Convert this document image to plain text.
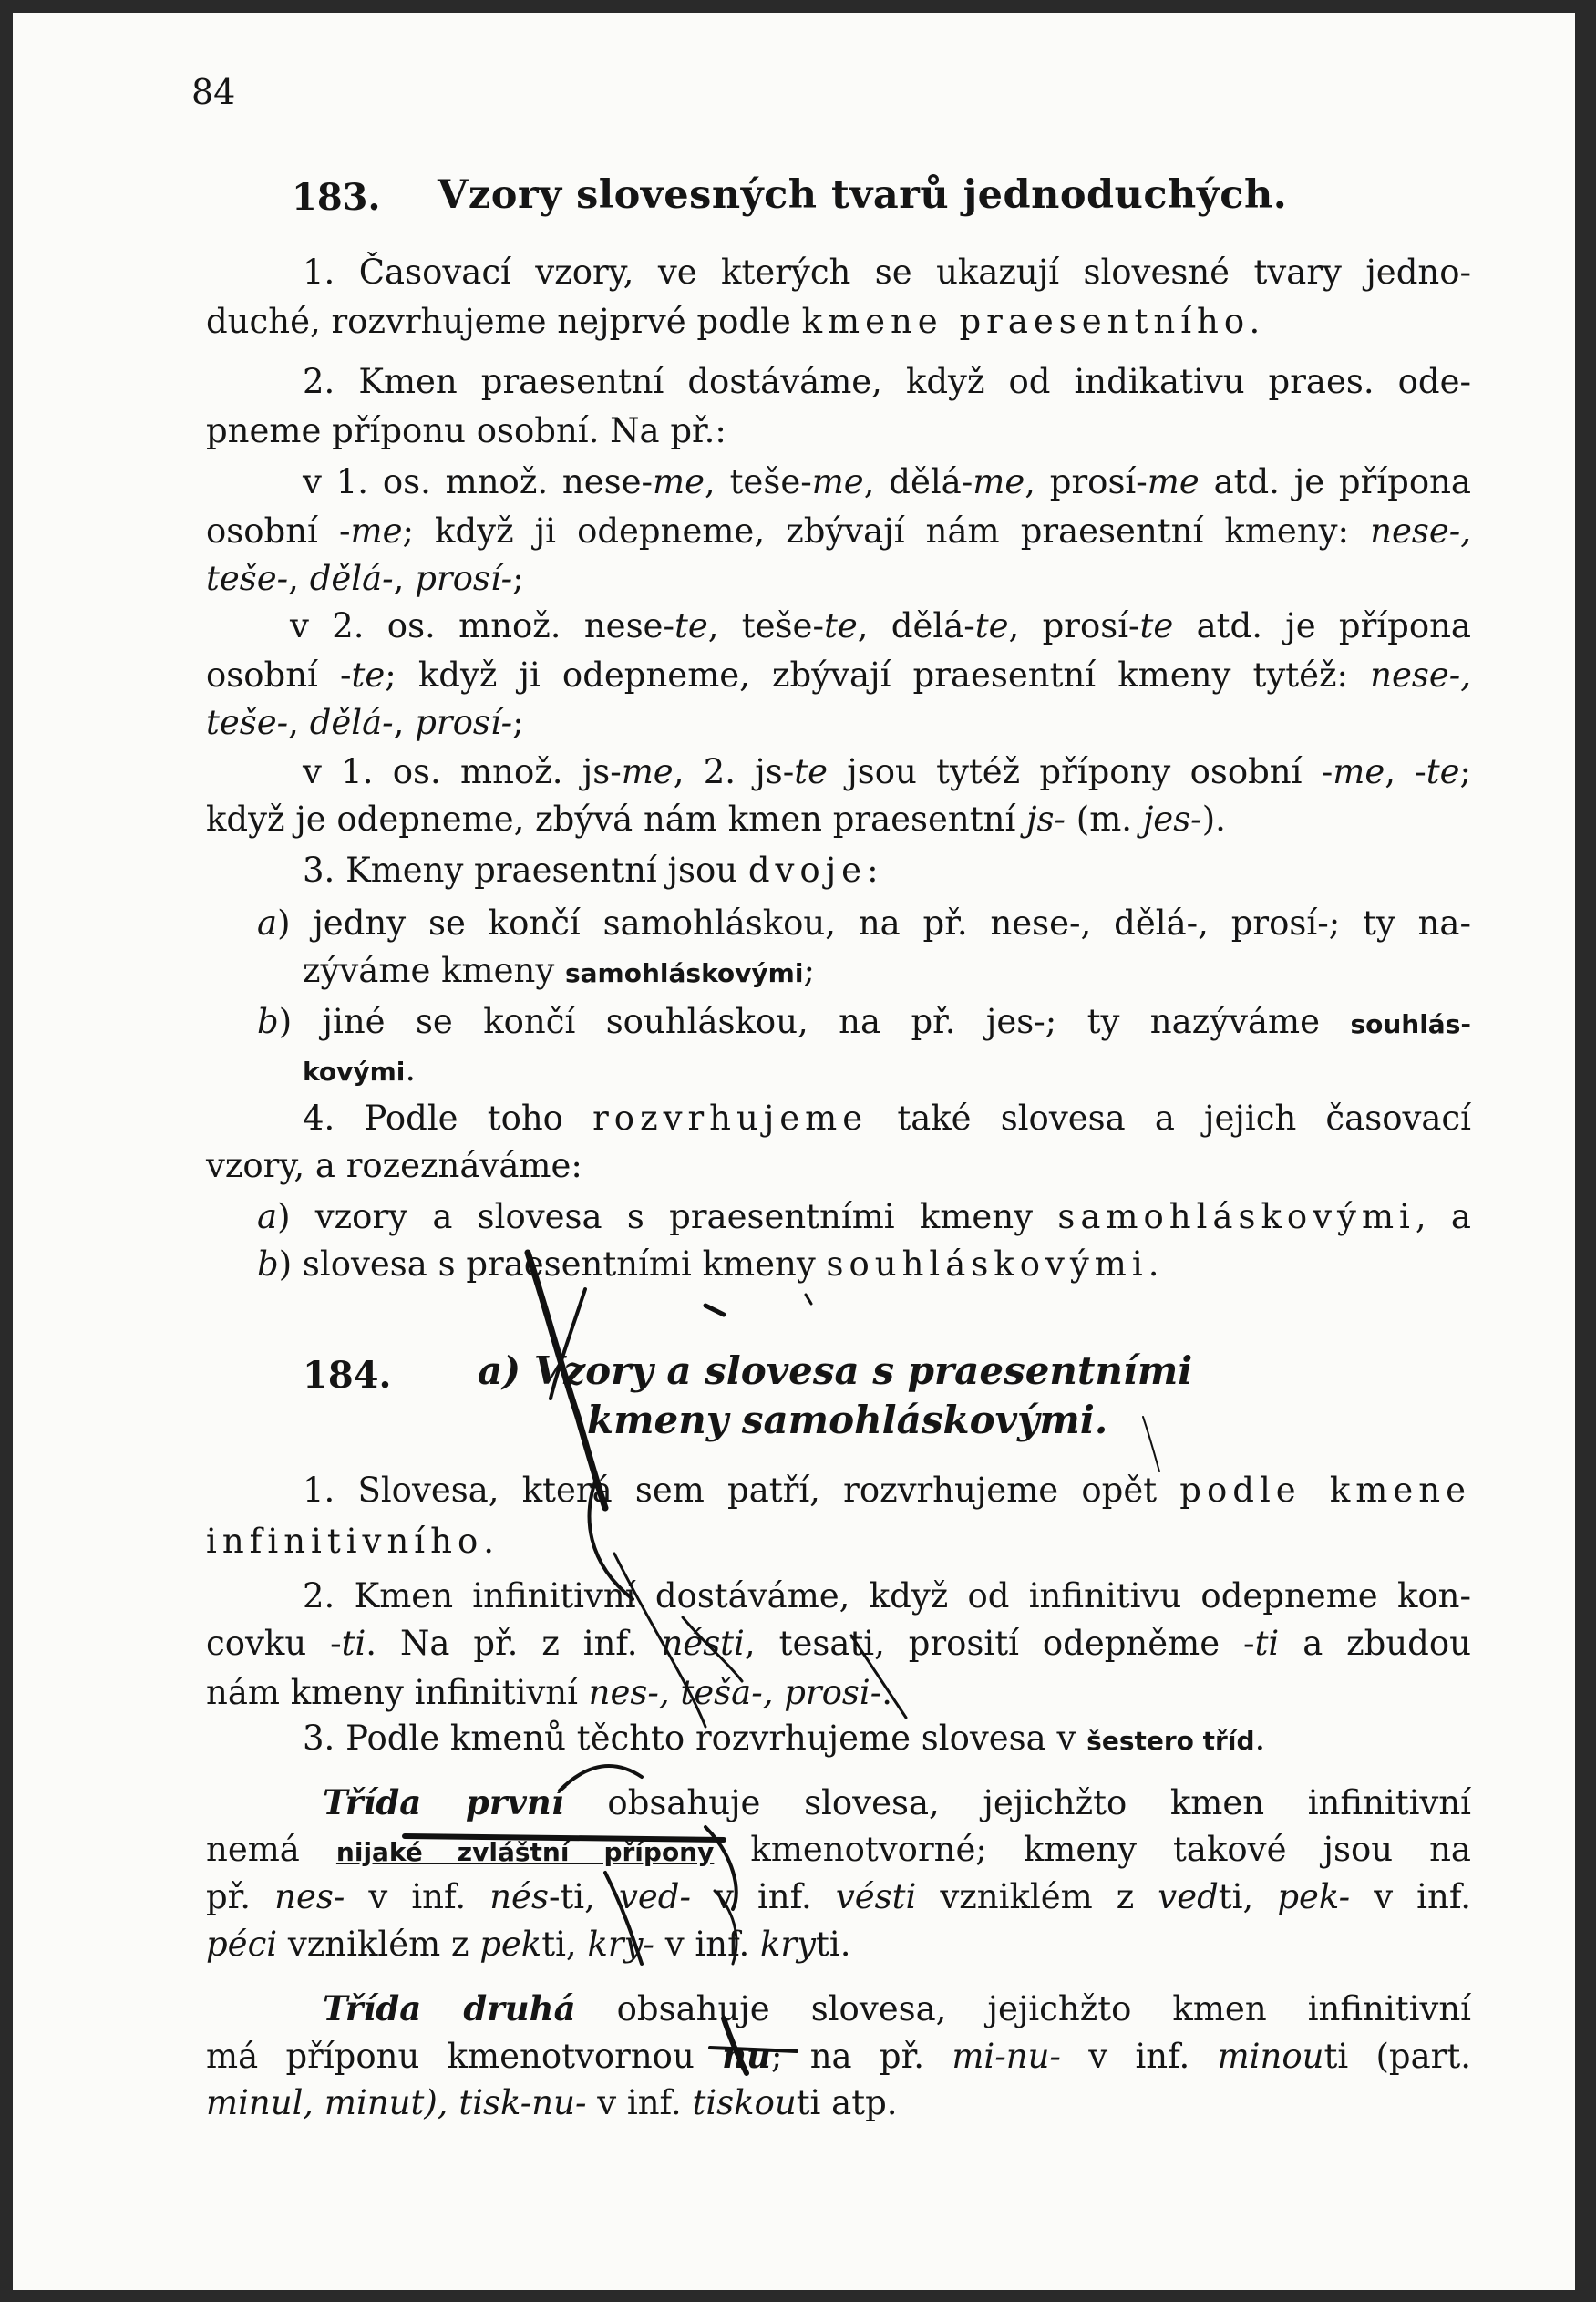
84
183. Vzory slovesných tvarů jednoduchých.
1. Časovací vzory, ve kterých se ukazují slovesné tvary jedno-
duché, rozvrhujeme nejprvé podle kmene praesentního.
2. Kmen praesentní dostáváme, když od indikativu praes. ode-
pneme příponu osobní. Na př.:
v 1. os. množ. nese-me, teše-me, dělá-me, prosí-me atd. je přípona
osobní -me; když ji odepneme, zbývají nám praesentní kmeny: nese-,
teše-, dělá-, prosí-;
v 2. os. množ. nese-te, teše-te, dělá-te, prosí-te atd. je přípona
osobní -te; když ji odepneme, zbývají praesentní kmeny tytéž: nese-,
teše-, dělá-, prosí-;
v 1. os. množ. js-me, 2. js-te jsou tytéž přípony osobní -me, -te;
když je odepneme, zbývá nám kmen praesentní js- (m. jes-).
3. Kmeny praesentní jsou dvoje:
a) jedny se končí samohláskou, na př. nese-, dělá-, prosí-; ty na-
zýváme kmeny samohláskovými;
b) jiné se končí souhláskou, na př. jes-; ty nazýváme souhlás-
kovými.
4. Podle toho rozvrhujeme také slovesa a jejich časovací
vzory, a rozeznáváme:
a) vzory a slovesa s praesentními kmeny samohláskovými, a
b) slovesa s praesentními kmeny souhláskovými.
184. a) Vzory a slovesa s praesentními
kmeny samohláskovými.
1. Slovesa, která sem patří, rozvrhujeme opět podle kmene
infinitivního.
2. Kmen infinitivní dostáváme, když od infinitivu odepneme kon-
covku -ti. Na př. z inf. nésti, tesati, prosití odepněme -ti a zbudou
nám kmeny infinitivní nes-, teša-, prosi-.
3. Podle kmenů těchto rozvrhujeme slovesa v šestero tříd.
Třída první obsahuje slovesa, jejichžto kmen infinitivní
nemá nijaké zvláštní přípony kmenotvorné; kmeny takové jsou na
př. nes- v inf. nés-ti, ved- v inf. vésti vzniklém z vedti, pek- v inf.
péci vzniklém z pekti, kry- v inf. kryti.
Třída druhá obsahuje slovesa, jejichžto kmen infinitivní
má příponu kmenotvornou nu; na př. mi-nu- v inf. minouti (part.
minul, minut), tisk-nu- v inf. tiskouti atp.
